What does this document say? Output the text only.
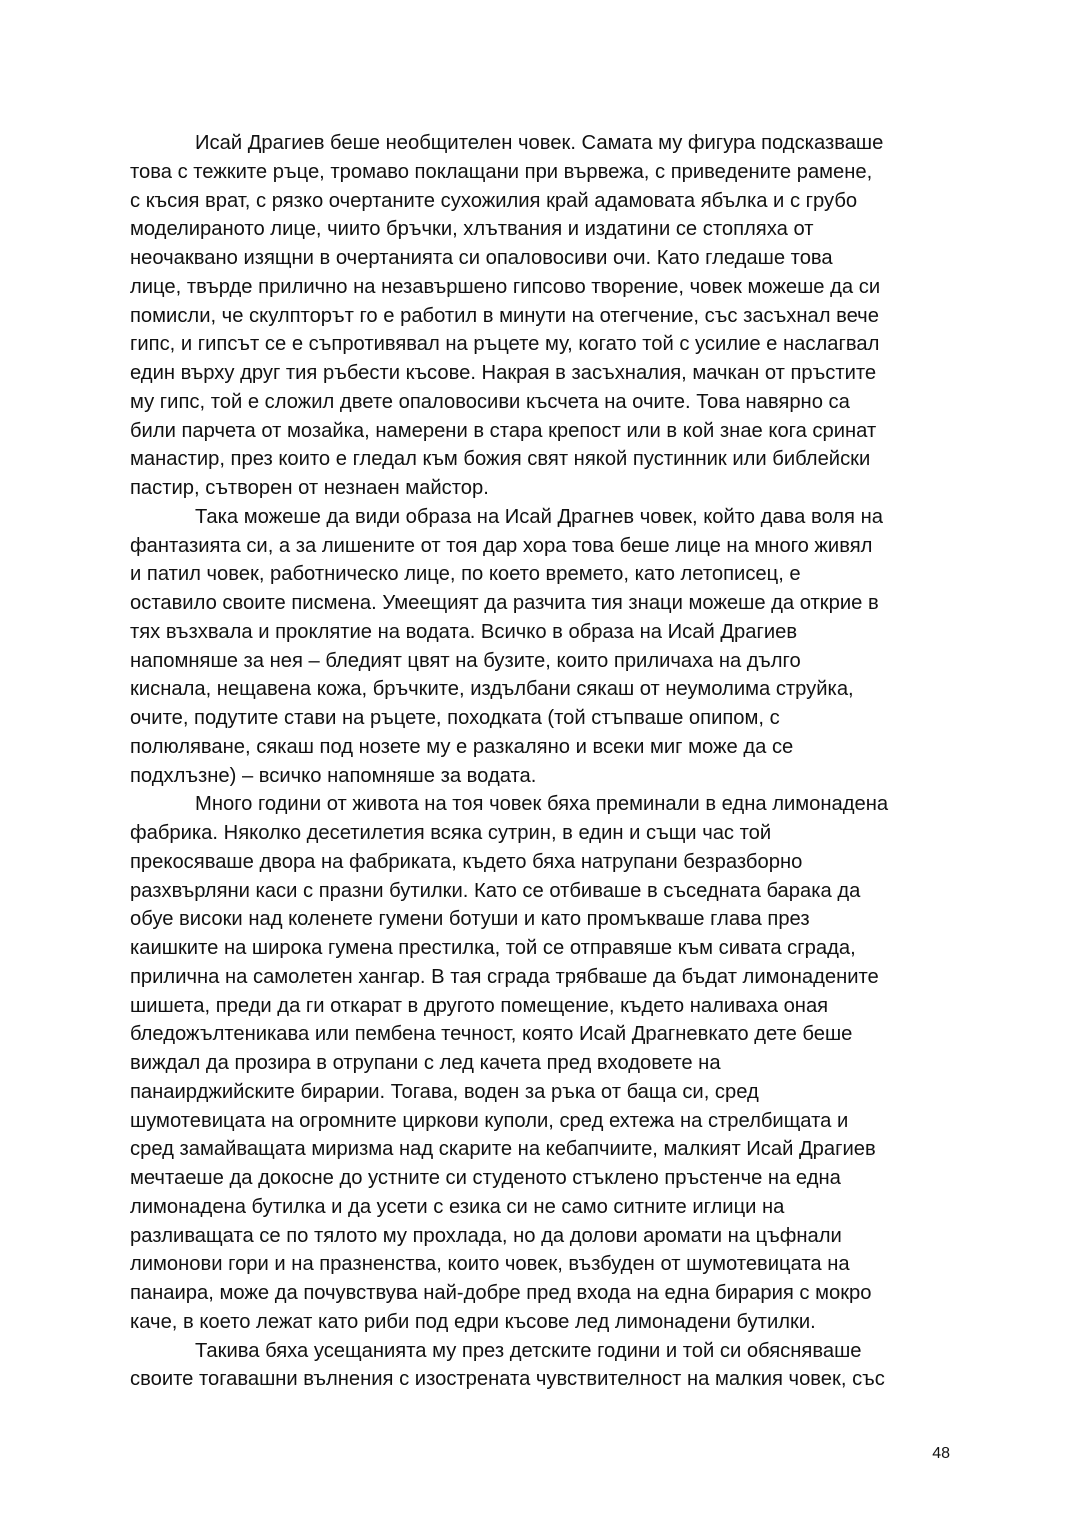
Исай Драгиев беше необщителен човек. Самата му фигура подсказваше
това с тежките ръце, тромаво поклащани при вървежа, с приведените рамене,
с късия врат, с рязко очертаните сухожилия край адамовата ябълка и с грубо
моделираното лице, чиито бръчки, хлътвания и издатини се стопляха от
неочаквано изящни в очертанията си опаловосиви очи. Като гледаше това
лице, твърде прилично на незавършено гипсово творение, човек можеше да си
помисли, че скулпторът го е работил в минути на отегчение, със засъхнал вече
гипс, и гипсът се е съпротивявал на ръцете му, когато той с усилие е наслагвал
един върху друг тия ръбести късове. Накрая в засъхналия, мачкан от пръстите
му гипс, той е сложил двете опаловосиви късчета на очите. Това навярно са
били парчета от мозайка, намерени в стара крепост или в кой знае кога сринат
манастир, през които е гледал към божия свят някой пустинник или библейски
пастир, сътворен от незнаен майстор.
Така можеше да види образа на Исай Драгнев човек, който дава воля на
фантазията си, а за лишените от тоя дар хора това беше лице на много живял
и патил човек, работническо лице, по което времето, като летописец, е
оставило своите писмена. Умеещият да разчита тия знаци можеше да открие в
тях възхвала и проклятие на водата. Всичко в образа на Исай Драгиев
напомняше за нея – бледият цвят на бузите, които приличаха на дълго
киснала, нещавена кожа, бръчките, издълбани сякаш от неумолима струйка,
очите, подутите стави на ръцете, походката (той стъпваше опипом, с
полюляване, сякаш под нозете му е разкаляно и всеки миг може да се
подхлъзне) – всичко напомняше за водата.
Много години от живота на тоя човек бяха преминали в една лимонадена
фабрика. Няколко десетилетия всяка сутрин, в един и същи час той
прекосяваше двора на фабриката, където бяха натрупани безразборно
разхвърляни каси с празни бутилки. Като се отбиваше в съседната барака да
обуе високи над коленете гумени ботуши и като промъкваше глава през
каишките на широка гумена престилка, той се отправяше към сивата сграда,
прилична на самолетен хангар. В тая сграда трябваше да бъдат лимонадените
шишета, преди да ги откарат в другото помещение, където наливаха оная
бледожълтеникава или пембена течност, която Исай Драгневкато дете беше
виждал да прозира в отрупани с лед качета пред входовете на
панаирджийските бирарии. Тогава, воден за ръка от баща си, сред
шумотевицата на огромните циркови куполи, сред ехтежа на стрелбищата и
сред замайващата миризма над скарите на кебапчиите, малкият Исай Драгиев
мечтаеше да докосне до устните си студеното стъклено пръстенче на една
лимонадена бутилка и да усети с езика си не само ситните иглици на
разливащата се по тялото му прохлада, но да долови аромати на цъфнали
лимонови гори и на празненства, които човек, възбуден от шумотевицата на
панаира, може да почувствува най-добре пред входа на една бирария с мокро
каче, в което лежат като риби под едри късове лед лимонадени бутилки.
Такива бяха усещанията му през детските години и той си обясняваше
своите тогавашни вълнения с изострената чувствителност на малкия човек, със
48
